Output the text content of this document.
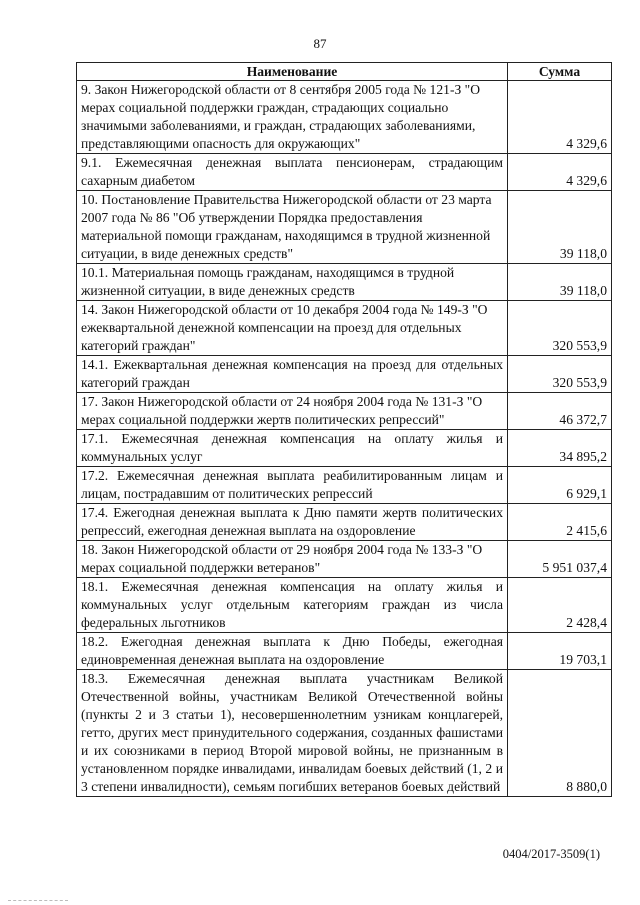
87
Наименование	Сумма
9. Закон Нижегородской области от 8 сентября 2005 года № 121-З "О мерах социальной поддержки граждан, страдающих социально значимыми заболеваниями, и граждан, страдающих заболеваниями, представляющими опасность для окружающих"	4 329,6
9.1. Ежемесячная денежная выплата пенсионерам, страдающим сахарным диабетом	4 329,6
10. Постановление Правительства Нижегородской области от 23 марта 2007 года № 86 "Об утверждении Порядка предоставления материальной помощи гражданам, находящимся в трудной жизненной ситуации, в виде денежных средств"	39 118,0
10.1. Материальная помощь гражданам, находящимся в трудной жизненной ситуации, в виде денежных средств	39 118,0
14. Закон Нижегородской области от 10 декабря 2004 года № 149-З "О ежеквартальной денежной компенсации на проезд для отдельных категорий граждан"	320 553,9
14.1. Ежеквартальная денежная компенсация на проезд для отдельных категорий граждан	320 553,9
17. Закон Нижегородской области от 24 ноября 2004 года № 131-З "О мерах социальной поддержки жертв политических репрессий"	46 372,7
17.1. Ежемесячная денежная компенсация на оплату жилья и коммунальных услуг	34 895,2
17.2. Ежемесячная денежная выплата реабилитированным лицам и лицам, пострадавшим от политических репрессий	6 929,1
17.4. Ежегодная денежная выплата к Дню памяти жертв политических репрессий, ежегодная денежная выплата на оздоровление	2 415,6
18. Закон Нижегородской области от 29 ноября 2004 года № 133-З "О мерах социальной поддержки ветеранов"	5 951 037,4
18.1. Ежемесячная денежная компенсация на оплату жилья и коммунальных услуг отдельным категориям граждан из числа федеральных льготников	2 428,4
18.2. Ежегодная денежная выплата к Дню Победы, ежегодная единовременная денежная выплата на оздоровление	19 703,1
18.3. Ежемесячная денежная выплата участникам Великой Отечественной войны, участникам Великой Отечественной войны (пункты 2 и 3 статьи 1), несовершеннолетним узникам концлагерей, гетто, других мест принудительного содержания, созданных фашистами и их союзниками в период Второй мировой войны, не признанным в установленном порядке инвалидами, инвалидам боевых действий (1, 2 и 3 степени инвалидности), семьям погибших ветеранов боевых действий	8 880,0
0404/2017-3509(1)
